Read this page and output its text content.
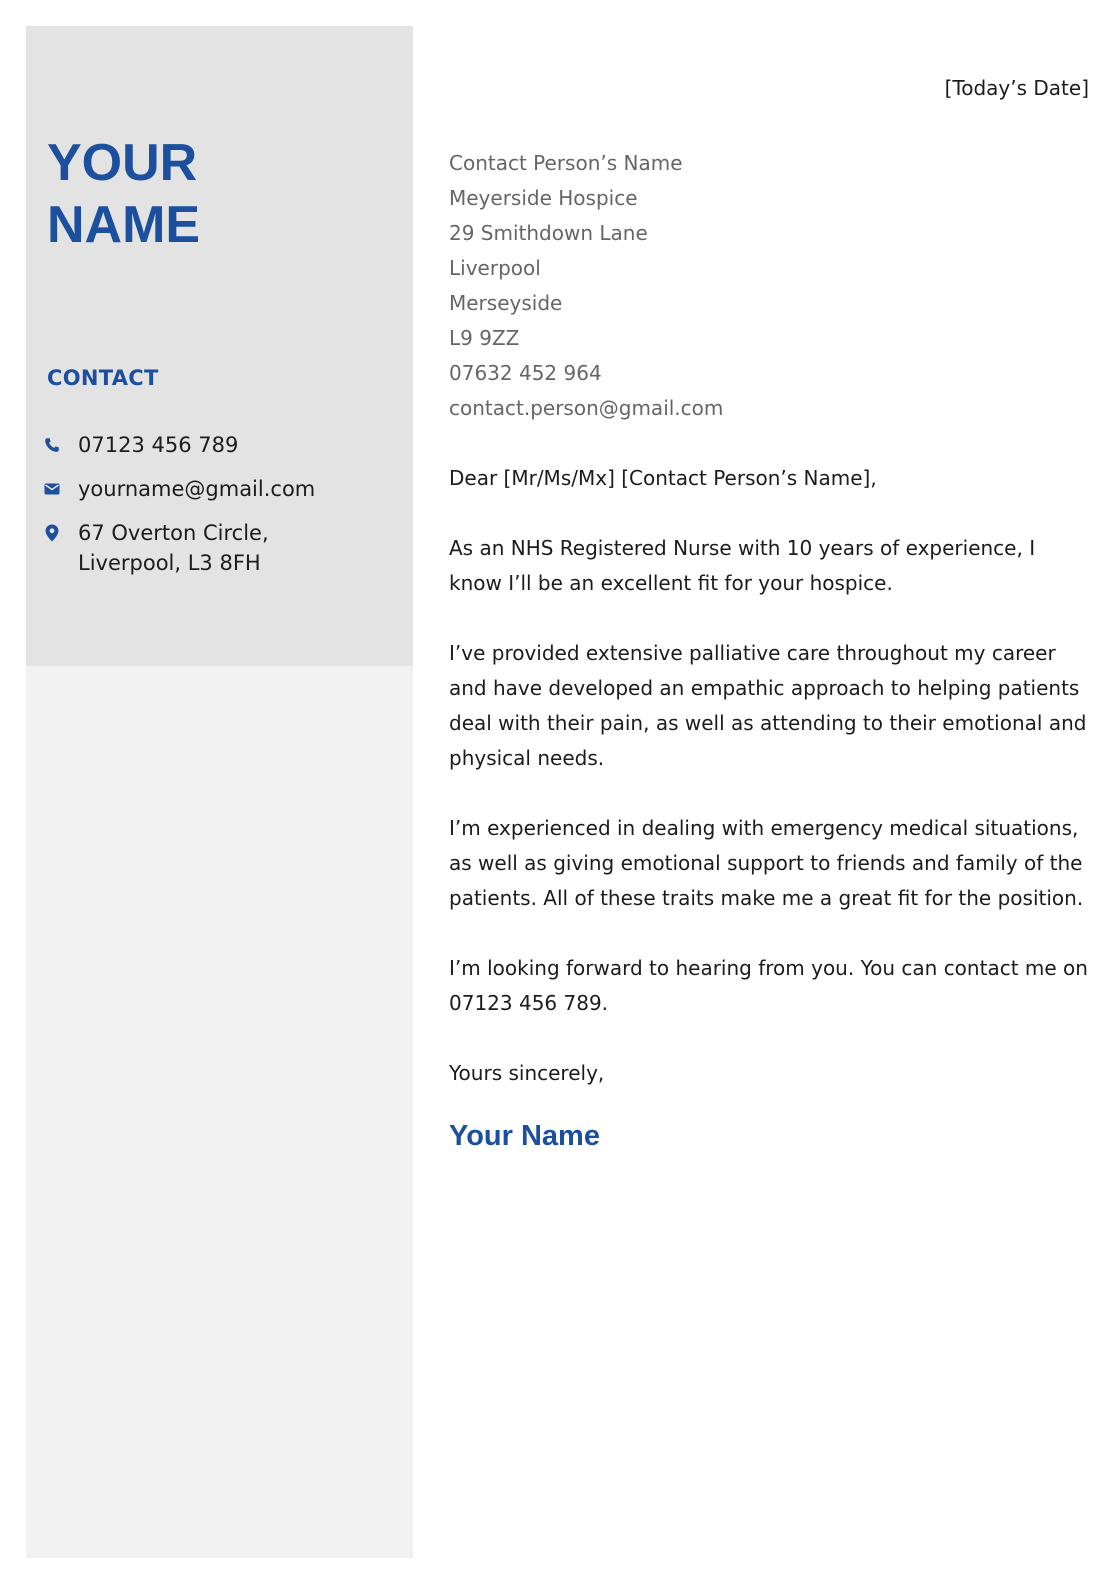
YOUR
NAME
CONTACT
07123 456 789
yourname@gmail.com
67 Overton Circle,
Liverpool, L3 8FH
[Today’s Date]
Contact Person’s Name
Meyerside Hospice
29 Smithdown Lane
Liverpool
Merseyside
L9 9ZZ
07632 452 964
contact.person@gmail.com

Dear [Mr/Ms/Mx] [Contact Person’s Name],

As an NHS Registered Nurse with 10 years of experience, I know I’ll be an excellent fit for your hospice.

I’ve provided extensive palliative care throughout my career and have developed an empathic approach to helping patients deal with their pain, as well as attending to their emotional and physical needs.

I’m experienced in dealing with emergency medical situations, as well as giving emotional support to friends and family of the patients. All of these traits make me a great fit for the position.

I’m looking forward to hearing from you. You can contact me on 07123 456 789.

Yours sincerely,

Your Name
